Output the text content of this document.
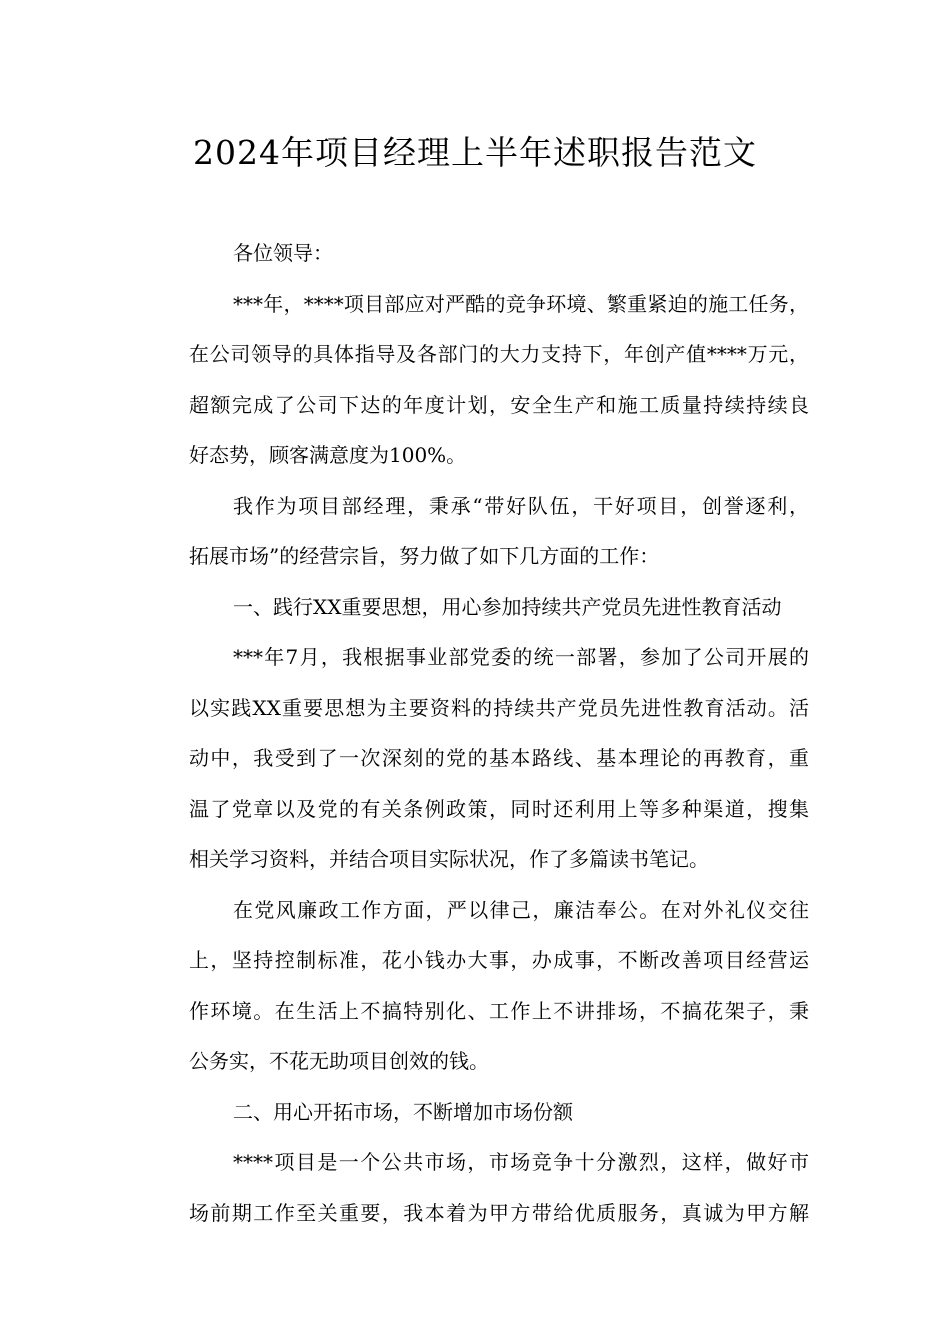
2024年项目经理上半年述职报告范文

各位领导：

***年，****项目部应对严酷的竞争环境、繁重紧迫的施工任务，
在公司领导的具体指导及各部门的大力支持下，年创产值****万元，
超额完成了公司下达的年度计划，安全生产和施工质量持续持续良
好态势，顾客满意度为100%。

我作为项目部经理，秉承“带好队伍，干好项目，创誉逐利，
拓展市场”的经营宗旨，努力做了如下几方面的工作：

一、践行XX重要思想，用心参加持续共产党员先进性教育活动

***年7月，我根据事业部党委的统一部署，参加了公司开展的
以实践XX重要思想为主要资料的持续共产党员先进性教育活动。活
动中，我受到了一次深刻的党的基本路线、基本理论的再教育，重
温了党章以及党的有关条例政策，同时还利用上等多种渠道，搜集
相关学习资料，并结合项目实际状况，作了多篇读书笔记。

在党风廉政工作方面，严以律己，廉洁奉公。在对外礼仪交往
上，坚持控制标准，花小钱办大事，办成事，不断改善项目经营运
作环境。在生活上不搞特别化、工作上不讲排场，不搞花架子，秉
公务实，不花无助项目创效的钱。

二、用心开拓市场，不断增加市场份额

****项目是一个公共市场，市场竞争十分激烈，这样，做好市
场前期工作至关重要，我本着为甲方带给优质服务，真诚为甲方解
